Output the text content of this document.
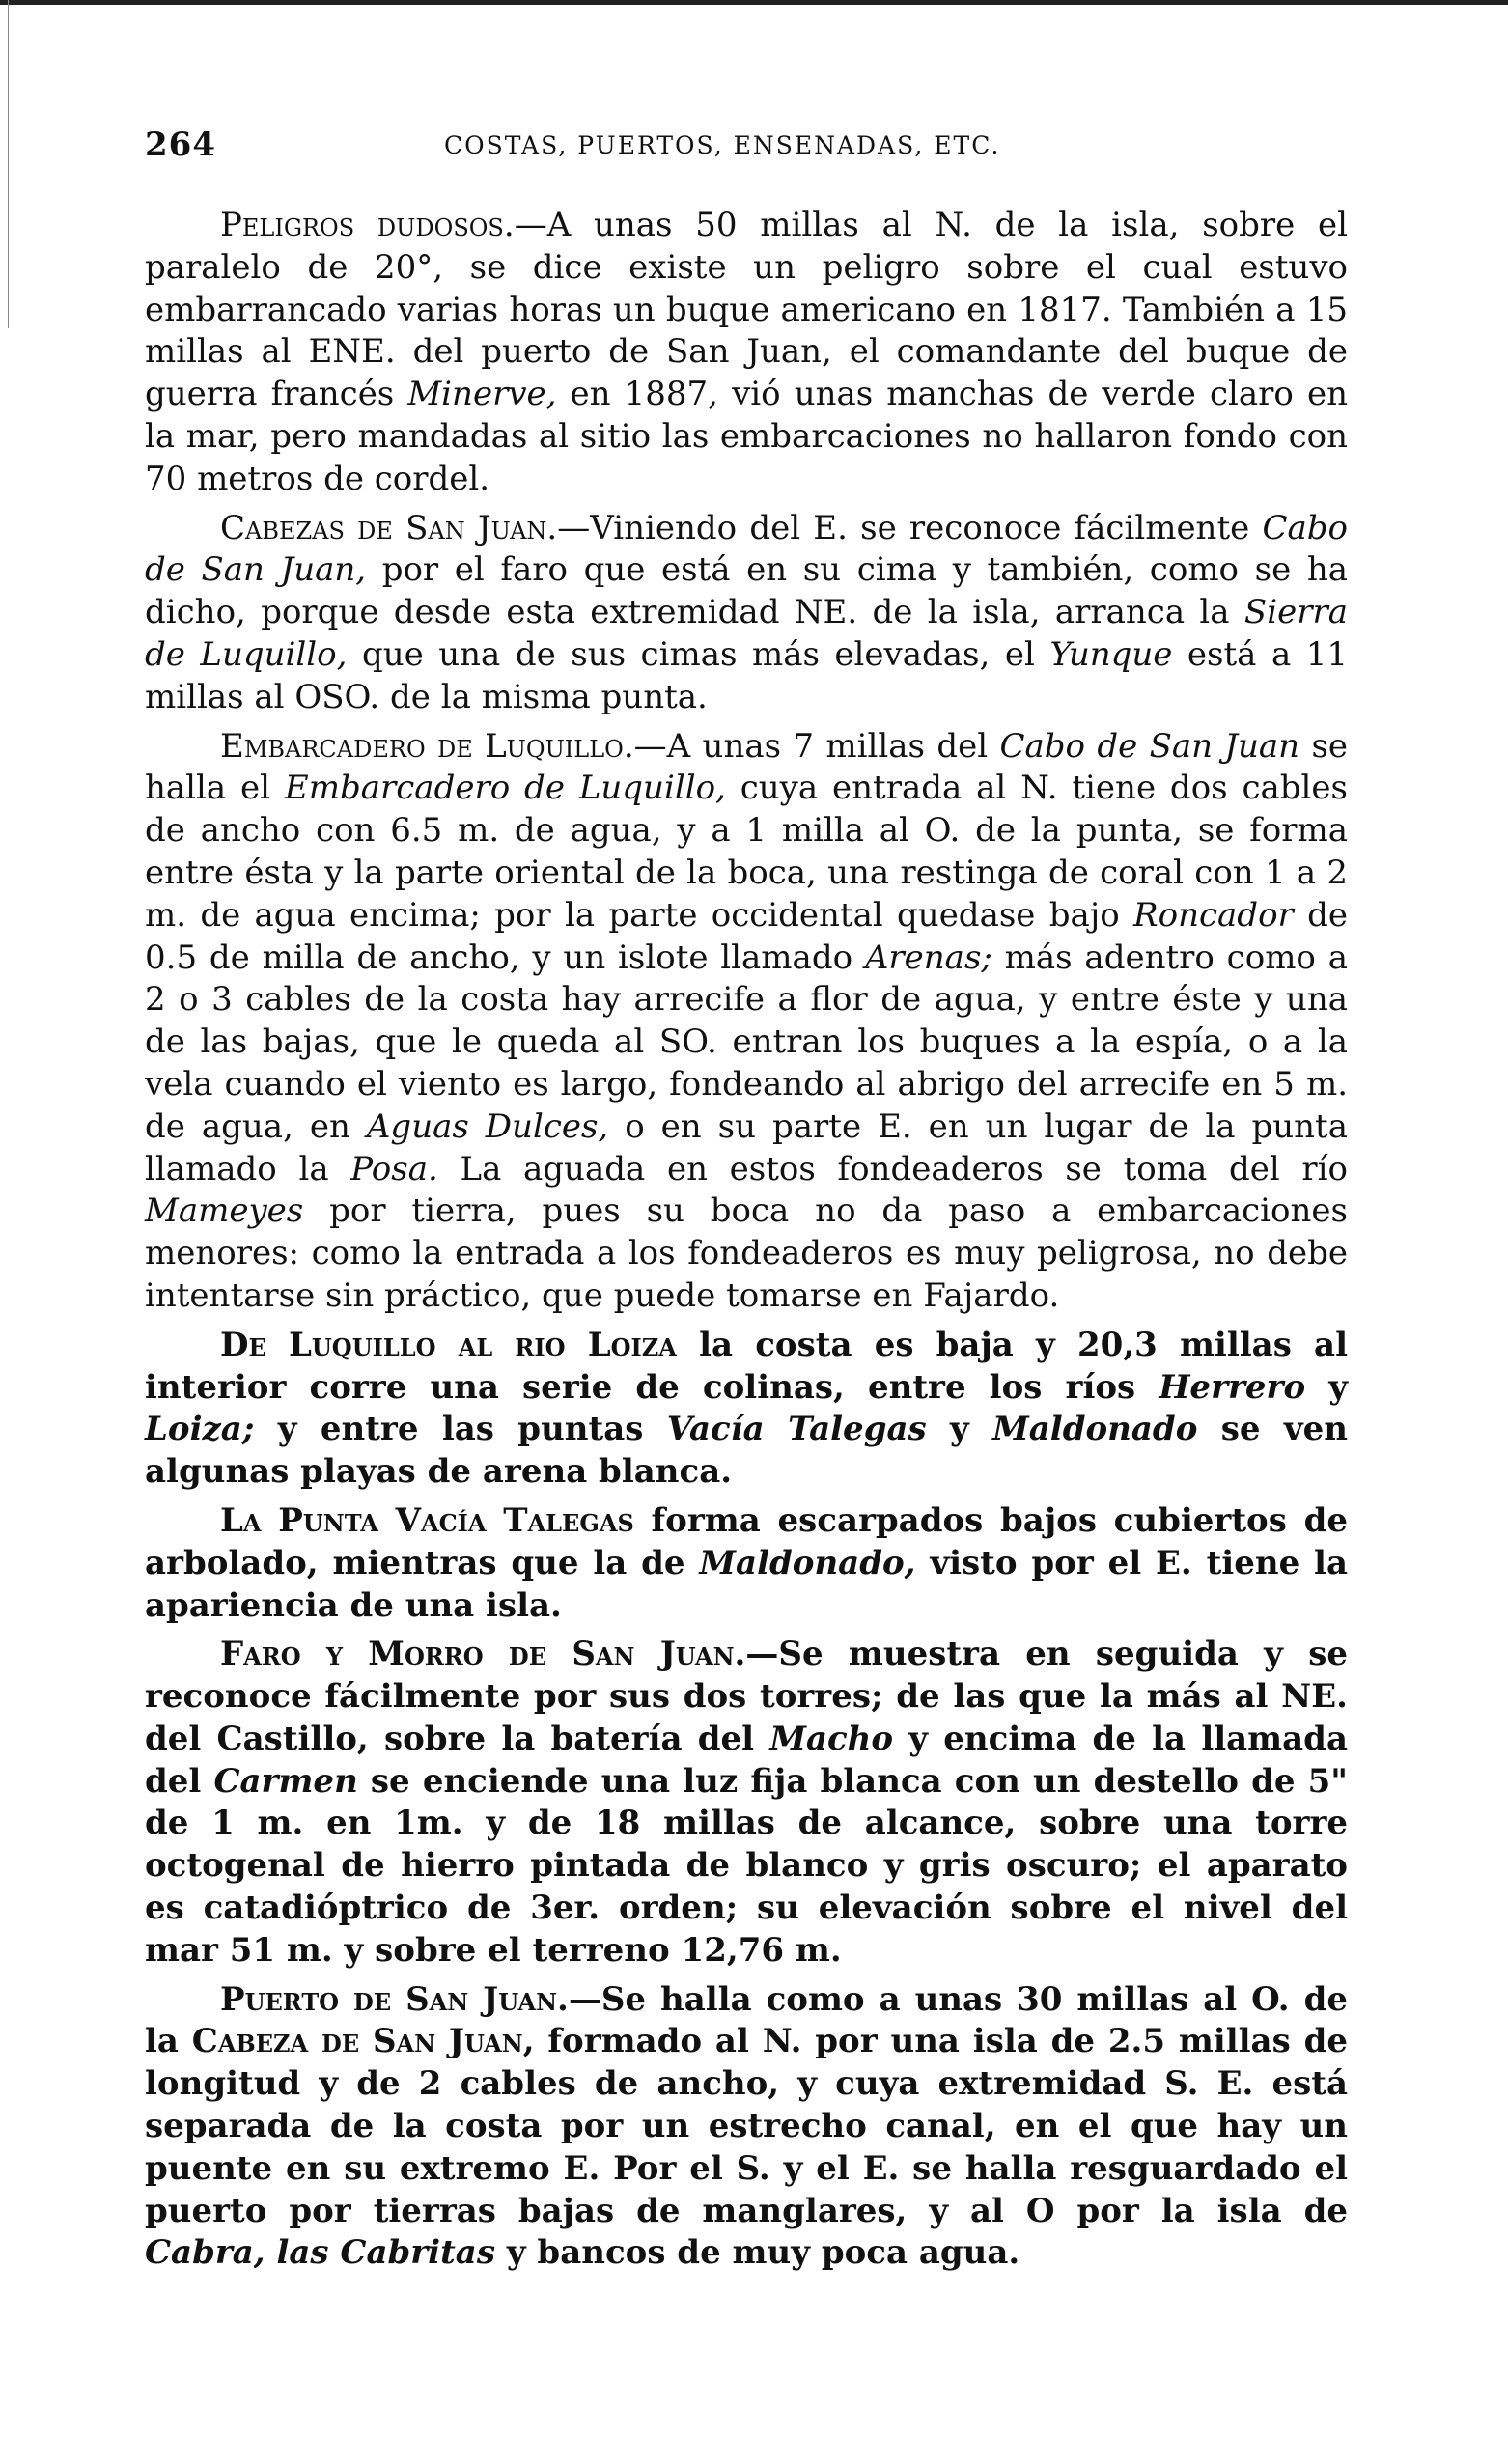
264	COSTAS, PUERTOS, ENSENADAS, ETC.

Peligros dudosos.—A unas 50 millas al N. de la isla, sobre el paralelo de 20°, se dice existe un peligro sobre el cual estuvo embarrancado varias horas un buque americano en 1817. También a 15 millas al ENE. del puerto de San Juan, el comandante del buque de guerra francés Minerve, en 1887, vió unas manchas de verde claro en la mar, pero mandadas al sitio las embarcaciones no hallaron fondo con 70 metros de cordel.

Cabezas de San Juan.—Viniendo del E. se reconoce fácilmente Cabo de San Juan, por el faro que está en su cima y también, como se ha dicho, porque desde esta extremidad NE. de la isla, arranca la Sierra de Luquillo, que una de sus cimas más elevadas, el Yunque está a 11 millas al OSO. de la misma punta.

Embarcadero de Luquillo.—A unas 7 millas del Cabo de San Juan se halla el Embarcadero de Luquillo, cuya entrada al N. tiene dos cables de ancho con 6.5 m. de agua, y a 1 milla al O. de la punta, se forma entre ésta y la parte oriental de la boca, una restinga de coral con 1 a 2 m. de agua encima; por la parte occidental quedase bajo Roncador de 0.5 de milla de ancho, y un islote llamado Arenas; más adentro como a 2 o 3 cables de la costa hay arrecife a flor de agua, y entre éste y una de las bajas, que le queda al SO. entran los buques a la espía, o a la vela cuando el viento es largo, fondeando al abrigo del arrecife en 5 m. de agua, en Aguas Dulces, o en su parte E. en un lugar de la punta llamado la Posa. La aguada en estos fondeaderos se toma del río Mameyes por tierra, pues su boca no da paso a embarcaciones menores: como la entrada a los fondeaderos es muy peligrosa, no debe intentarse sin práctico, que puede tomarse en Fajardo.

De Luquillo al rio Loiza la costa es baja y 20,3 millas al interior corre una serie de colinas, entre los ríos Herrero y Loiza; y entre las puntas Vacía Talegas y Maldonado se ven algunas playas de arena blanca.

La Punta Vacía Talegas forma escarpados bajos cubiertos de arbolado, mientras que la de Maldonado, visto por el E. tiene la apariencia de una isla.

Faro y Morro de San Juan.—Se muestra en seguida y se reconoce fácilmente por sus dos torres; de las que la más al NE. del Castillo, sobre la batería del Macho y encima de la llamada del Carmen se enciende una luz fija blanca con un destello de 5" de 1 m. en 1m. y de 18 millas de alcance, sobre una torre octogenal de hierro pintada de blanco y gris oscuro; el aparato es catadióptrico de 3er. orden; su elevación sobre el nivel del mar 51 m. y sobre el terreno 12,76 m.

Puerto de San Juan.—Se halla como a unas 30 millas al O. de la Cabeza de San Juan, formado al N. por una isla de 2.5 millas de longitud y de 2 cables de ancho, y cuya extremidad S. E. está separada de la costa por un estrecho canal, en el que hay un puente en su extremo E. Por el S. y el E. se halla resguardado el puerto por tierras bajas de manglares, y al O por la isla de Cabra, las Cabritas y bancos de muy poca agua.
